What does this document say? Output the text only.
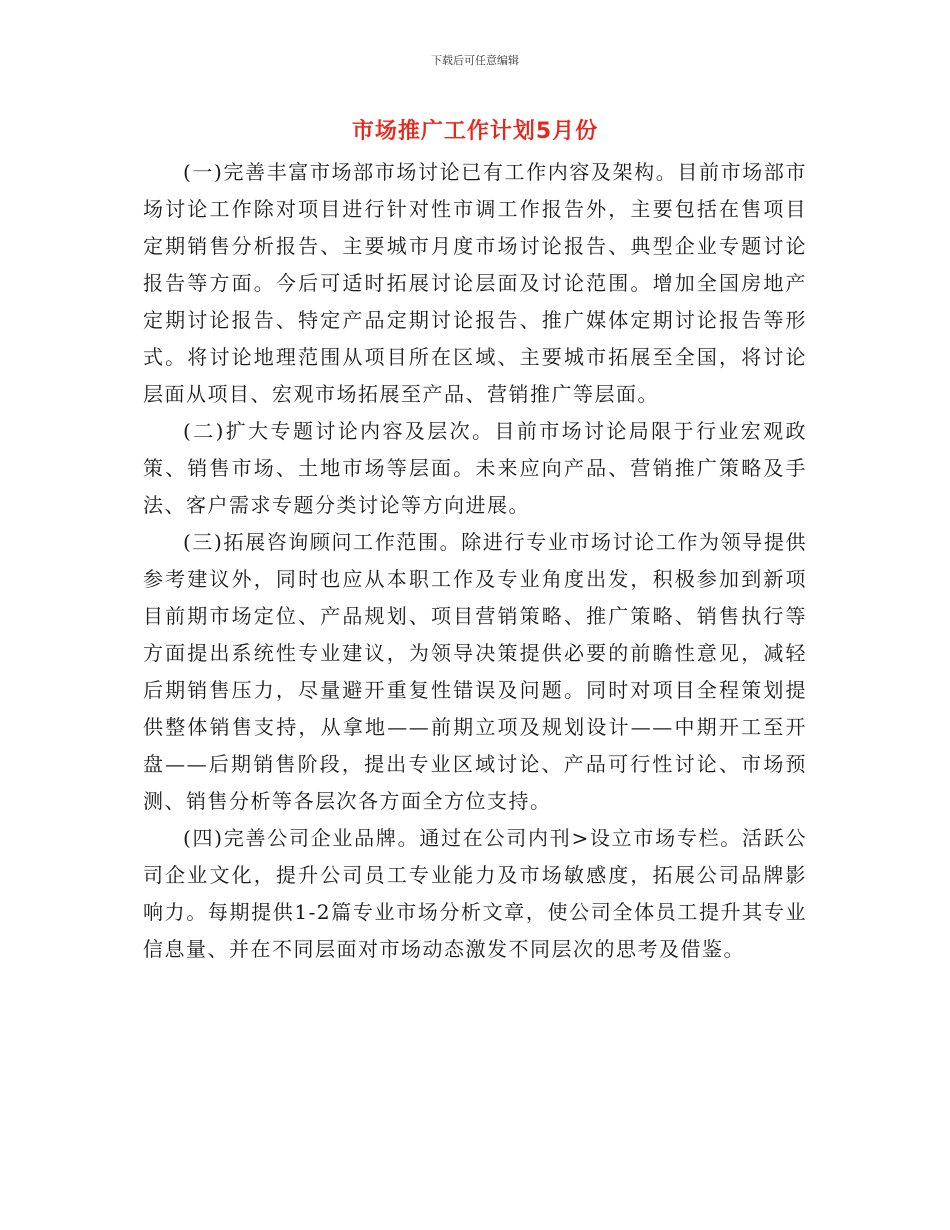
下载后可任意编辑
市场推广工作计划5月份

(一)完善丰富市场部市场讨论已有工作内容及架构。目前市场部市场讨论工作除对项目进行针对性市调工作报告外，主要包括在售项目定期销售分析报告、主要城市月度市场讨论报告、典型企业专题讨论报告等方面。今后可适时拓展讨论层面及讨论范围。增加全国房地产定期讨论报告、特定产品定期讨论报告、推广媒体定期讨论报告等形式。将讨论地理范围从项目所在区域、主要城市拓展至全国，将讨论层面从项目、宏观市场拓展至产品、营销推广等层面。

(二)扩大专题讨论内容及层次。目前市场讨论局限于行业宏观政策、销售市场、土地市场等层面。未来应向产品、营销推广策略及手法、客户需求专题分类讨论等方向进展。

(三)拓展咨询顾问工作范围。除进行专业市场讨论工作为领导提供参考建议外，同时也应从本职工作及专业角度出发，积极参加到新项目前期市场定位、产品规划、项目营销策略、推广策略、销售执行等方面提出系统性专业建议，为领导决策提供必要的前瞻性意见，减轻后期销售压力，尽量避开重复性错误及问题。同时对项目全程策划提供整体销售支持，从拿地——前期立项及规划设计——中期开工至开盘——后期销售阶段，提出专业区域讨论、产品可行性讨论、市场预测、销售分析等各层次各方面全方位支持。

(四)完善公司企业品牌。通过在公司内刊>设立市场专栏。活跃公司企业文化，提升公司员工专业能力及市场敏感度，拓展公司品牌影响力。每期提供1-2篇专业市场分析文章，使公司全体员工提升其专业信息量、并在不同层面对市场动态激发不同层次的思考及借鉴。
